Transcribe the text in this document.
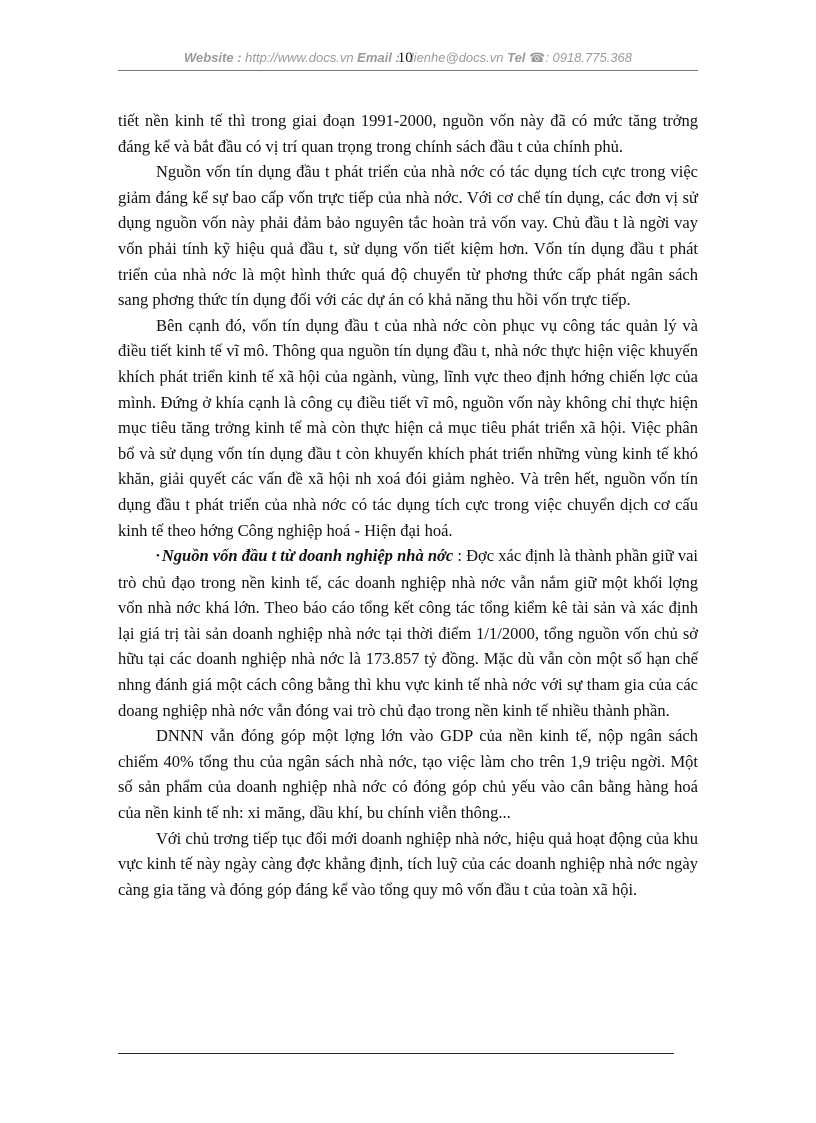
Website : http://www.docs.vn Email :10lienhe@docs.vn Tel ☎: 0918.775.368

tiết nền kinh tế thì trong giai đoạn 1991-2000, nguồn vốn này đã có mức tăng trởng đáng kể và bắt đầu có vị trí quan trọng trong chính sách đầu t của chính phủ.

Nguồn vốn tín dụng đầu t phát triển của nhà nớc có tác dụng tích cực trong việc giảm đáng kể sự bao cấp vốn trực tiếp của nhà nớc. Với cơ chế tín dụng, các đơn vị sử dụng nguồn vốn này phải đảm bảo nguyên tắc hoàn trả vốn vay. Chủ đầu t là ngời vay vốn phải tính kỹ hiệu quả đầu t, sử dụng vốn tiết kiệm hơn. Vốn tín dụng đầu t phát triển của nhà nớc là một hình thức quá độ chuyển từ phơng thức cấp phát ngân sách sang phơng thức tín dụng đối với các dự án có khả năng thu hồi vốn trực tiếp.

Bên cạnh đó, vốn tín dụng đầu t của nhà nớc còn phục vụ công tác quản lý và điều tiết kinh tế vĩ mô. Thông qua nguồn tín dụng đầu t, nhà nớc thực hiện việc khuyến khích phát triển kinh tế xã hội của ngành, vùng, lĩnh vực theo định hớng chiến lợc của mình. Đứng ở khía cạnh là công cụ điều tiết vĩ mô, nguồn vốn này không chỉ thực hiện mục tiêu tăng trởng kinh tế mà còn thực hiện cả mục tiêu phát triển xã hội. Việc phân bổ và sử dụng vốn tín dụng đầu t còn khuyến khích phát triển những vùng kinh tế khó khăn, giải quyết các vấn đề xã hội nh xoá đói giảm nghèo. Và trên hết, nguồn vốn tín dụng đầu t phát triển của nhà nớc có tác dụng tích cực trong việc chuyển dịch cơ cấu kinh tế theo hớng Công nghiệp hoá - Hiện đại hoá.

• Nguồn vốn đầu t từ doanh nghiệp nhà nớc : Đợc xác định là thành phần giữ vai trò chủ đạo trong nền kinh tế, các doanh nghiệp nhà nớc vẫn nắm giữ một khối lợng vốn nhà nớc khá lớn. Theo báo cáo tổng kết công tác tổng kiểm kê tài sản và xác định lại giá trị tài sản doanh nghiệp nhà nớc tại thời điểm 1/1/2000, tổng nguồn vốn chủ sở hữu tại các doanh nghiệp nhà nớc là 173.857 tỷ đồng. Mặc dù vẫn còn một số hạn chế nhng đánh giá một cách công bằng thì khu vực kinh tế nhà nớc với sự tham gia của các doang nghiệp nhà nớc vẫn đóng vai trò chủ đạo trong nền kinh tế nhiều thành phần.

DNNN vẫn đóng góp một lợng lớn vào GDP của nền kinh tế, nộp ngân sách chiếm 40% tổng thu của ngân sách nhà nớc, tạo việc làm cho trên 1,9 triệu ngời. Một số sản phẩm của doanh nghiệp nhà nớc có đóng góp chủ yếu vào cân bằng hàng hoá của nền kinh tế nh: xi măng, dầu khí, bu chính viễn thông...

Với chủ trơng tiếp tục đổi mới doanh nghiệp nhà nớc, hiệu quả hoạt động của khu vực kinh tế này ngày càng đợc khẳng định, tích luỹ của các doanh nghiệp nhà nớc ngày càng gia tăng và đóng góp đáng kể vào tổng quy mô vốn đầu t của toàn xã hội.
